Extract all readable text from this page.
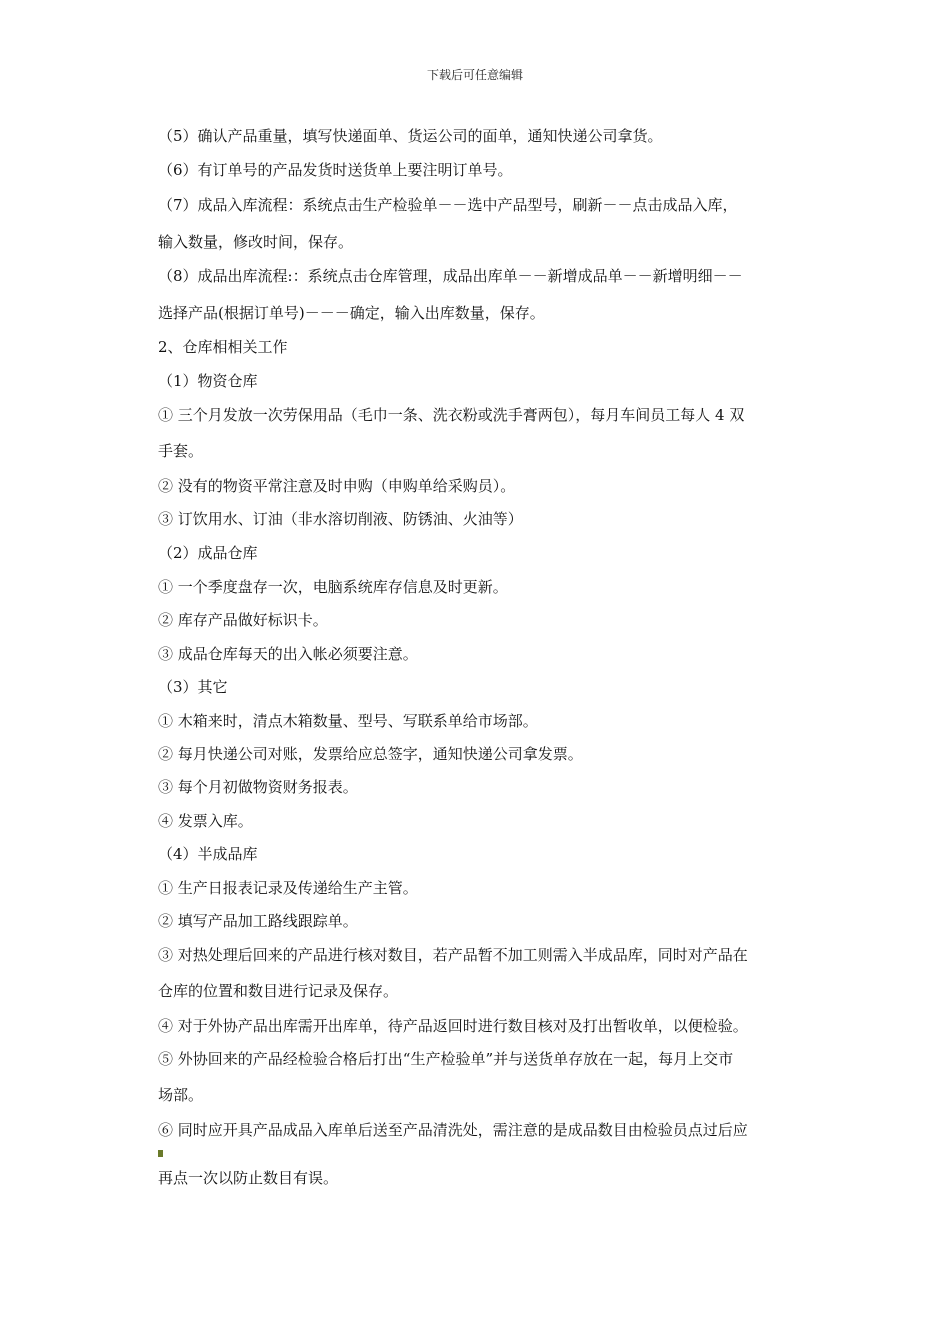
下载后可任意编辑
（5）确认产品重量，填写快递面单、货运公司的面单，通知快递公司拿货。
（6）有订单号的产品发货时送货单上要注明订单号。
（7）成品入库流程：系统点击生产检验单－－选中产品型号，刷新－－点击成品入库，
输入数量，修改时间，保存。
（8）成品出库流程:：系统点击仓库管理，成品出库单－－新增成品单－－新增明细－－
选择产品(根据订单号)－－－确定，输入出库数量，保存。
2、仓库相相关工作
（1）物资仓库
① 三个月发放一次劳保用品（毛巾一条、洗衣粉或洗手膏两包），每月车间员工每人 4 双
手套。
② 没有的物资平常注意及时申购（申购单给采购员）。
③ 订饮用水、订油（非水溶切削液、防锈油、火油等）
（2）成品仓库
① 一个季度盘存一次，电脑系统库存信息及时更新。
② 库存产品做好标识卡。
③ 成品仓库每天的出入帐必须要注意。
（3）其它
① 木箱来时，清点木箱数量、型号、写联系单给市场部。
② 每月快递公司对账，发票给应总签字，通知快递公司拿发票。
③ 每个月初做物资财务报表。
④ 发票入库。
（4）半成品库
① 生产日报表记录及传递给生产主管。
② 填写产品加工路线跟踪单。
③ 对热处理后回来的产品进行核对数目，若产品暂不加工则需入半成品库，同时对产品在
仓库的位置和数目进行记录及保存。
④ 对于外协产品出库需开出库单，待产品返回时进行数目核对及打出暂收单，以便检验。
⑤ 外协回来的产品经检验合格后打出“生产检验单”并与送货单存放在一起，每月上交市
场部。
⑥ 同时应开具产品成品入库单后送至产品清洗处，需注意的是成品数目由检验员点过后应
再点一次以防止数目有误。
